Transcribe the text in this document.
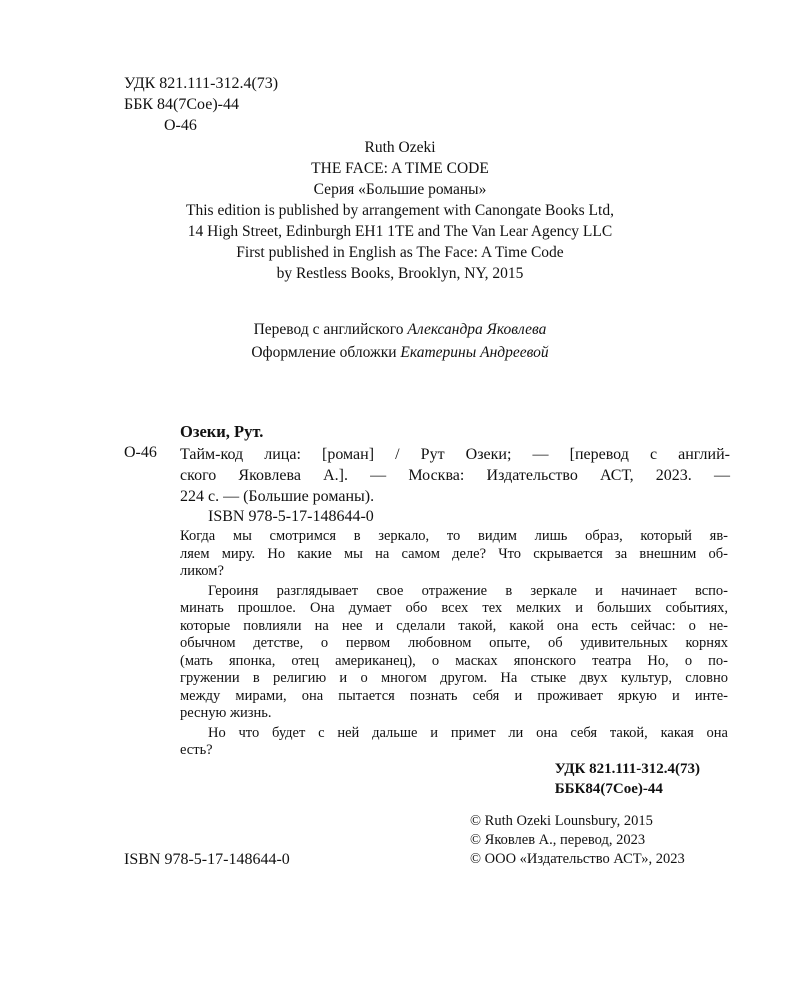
УДК 821.111-312.4(73)
ББК 84(7Сое)-44
О-46
Ruth Ozeki
THE FACE: A TIME CODE
Серия «Большие романы»
This edition is published by arrangement with Canongate Books Ltd,
14 High Street, Edinburgh EH1 1TE and The Van Lear Agency LLC
First published in English as The Face: A Time Code
by Restless Books, Brooklyn, NY, 2015
Перевод с английского Александра Яковлева
Оформление обложки Екатерины Андреевой
Озеки, Рут.
О-46 Тайм-код лица: [роман] / Рут Озеки; — [перевод с англий-
ского Яковлева А.]. — Москва: Издательство АСТ, 2023. —
224 с. — (Большие романы).
ISBN 978-5-17-148644-0

Когда мы смотримся в зеркало, то видим лишь образ, который яв-
ляем миру. Но какие мы на самом деле? Что скрывается за внешним об-
ликом?

Героиня разглядывает свое отражение в зеркале и начинает вспо-
минать прошлое. Она думает обо всех тех мелких и больших событиях,
которые повлияли на нее и сделали такой, какой она есть сейчас: о не-
обычном детстве, о первом любовном опыте, об удивительных корнях
(мать японка, отец американец), о масках японского театра Но, о по-
гружении в религию и о многом другом. На стыке двух культур, словно
между мирами, она пытается познать себя и проживает яркую и инте-
ресную жизнь.

Но что будет с ней дальше и примет ли она себя такой, какая она
есть?

УДК 821.111-312.4(73)
ББК84(7Сое)-44
© Ruth Ozeki Lounsbury, 2015
© Яковлев А., перевод, 2023
© ООО «Издательство АСТ», 2023
ISBN 978-5-17-148644-0
